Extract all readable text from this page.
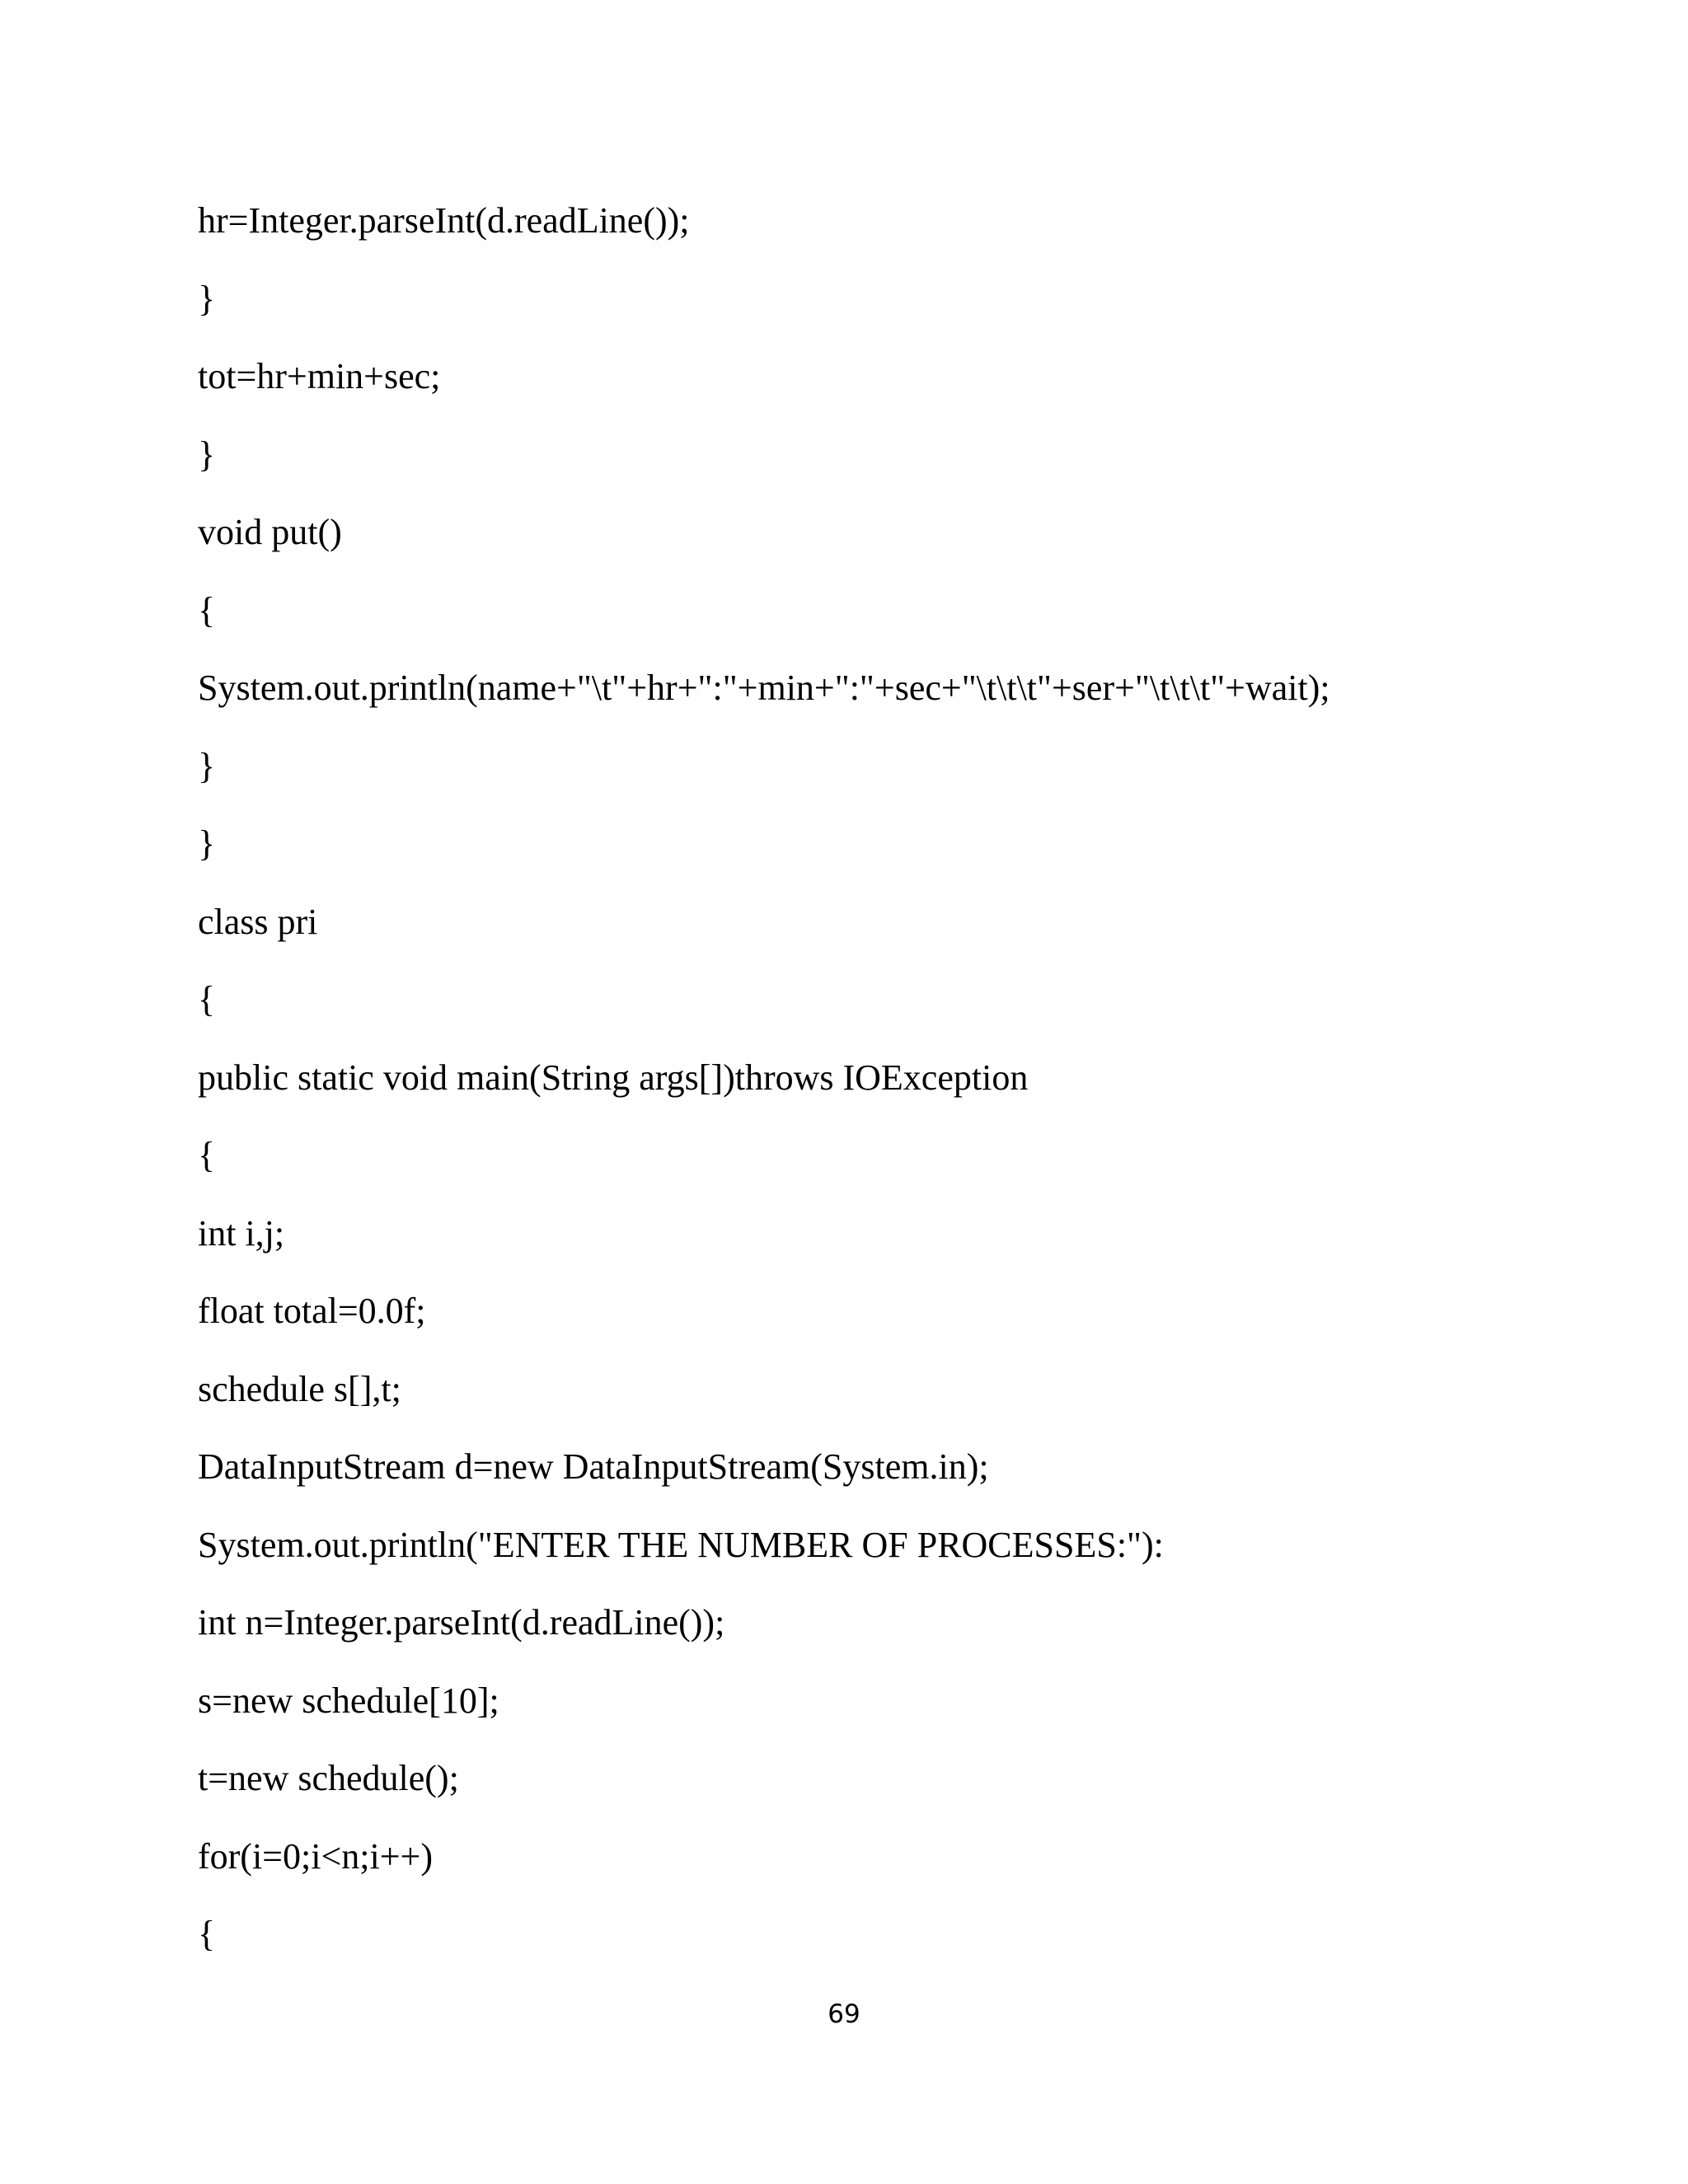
hr=Integer.parseInt(d.readLine());
}
tot=hr+min+sec;
}
void put()
{
System.out.println(name+"\t"+hr+":"+min+":"+sec+"\t\t\t"+ser+"\t\t\t"+wait);
}
}
class pri
{
public static void main(String args[])throws IOException
{
int i,j;
float total=0.0f;
schedule s[],t;
DataInputStream d=new DataInputStream(System.in);
System.out.println("ENTER THE NUMBER OF PROCESSES:"):
int n=Integer.parseInt(d.readLine());
s=new schedule[10];
t=new schedule();
for(i=0;i<n;i++)
{
69
